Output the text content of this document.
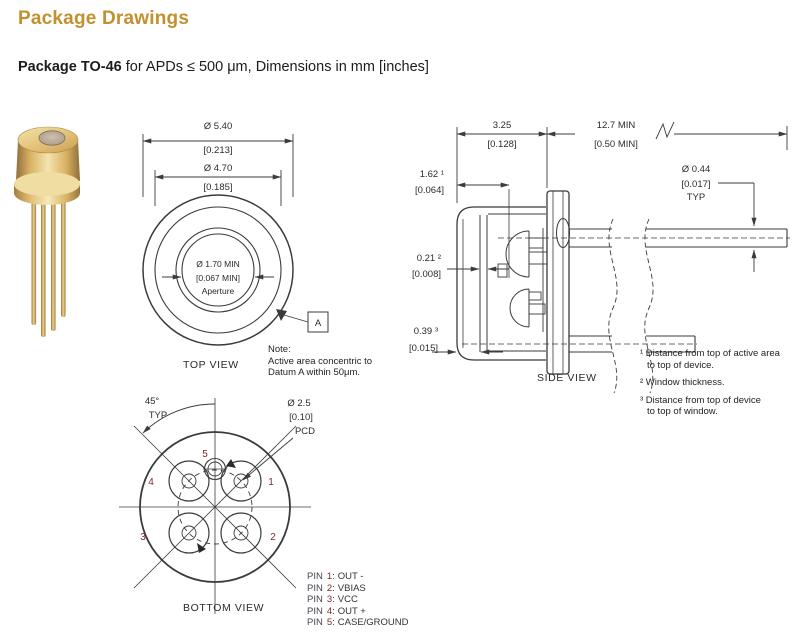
Package Drawings
Package TO-46 for APDs ≤ 500 μm, Dimensions in mm [inches]
Ø 5.40
[0.213]
Ø 4.70
[0.185]
Ø 1.70 MIN
[0.067 MIN]
Aperture
A
3.25
[0.128]
12.7 MIN
[0.50 MIN]
1.62 ¹
[0.064]
0.21 ²
[0.008]
0.39 ³
[0.015]
Ø 0.44
[0.017]
TYP
45°
TYP
Ø 2.5
[0.10]
PCD
5
1
2
3
4
TOP VIEW
SIDE VIEW
BOTTOM VIEW
Note:
Active area concentric to
Datum A within 50μm.
¹ Distance from top of active area
to top of device.
² Window thickness.
³ Distance from top of device
to top of window.
PIN 1: OUT -
PIN 2: VBIAS
PIN 3: VCC
PIN 4: OUT +
PIN 5: CASE/GROUND
